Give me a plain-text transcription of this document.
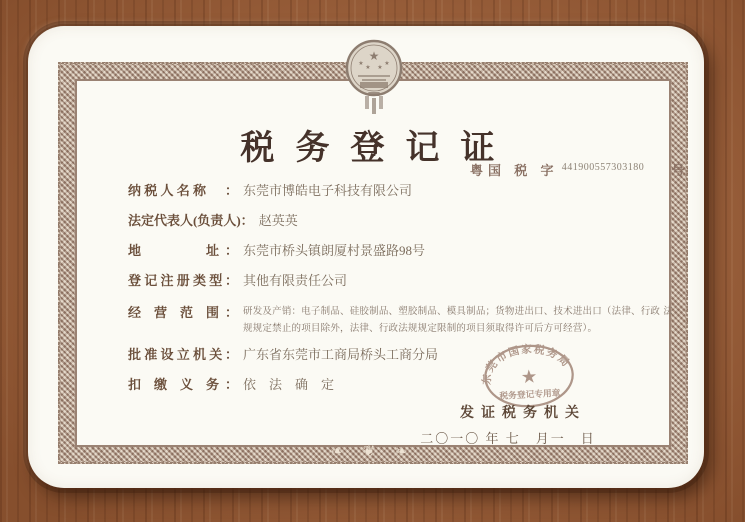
❧ ❦ ❧
★
★
★ ★
★
税务登记证
粤国 税 字 $^{441900557303180}$ 号
纳 税 人 名 称	： 东莞市博皓电子科技有限公司
法定代表人(负责人) ： 赵英英
地　　　　　址 ： 东莞市桥头镇朗厦村景盛路98号
登 记 注 册 类 型 ： 其他有限责任公司
经　营　范　围 ： 研发及产销：电子制品、硅胶制品、塑胶制品、模具制品；货物进出口、技术进出口（法律、行政 法规规定禁止的项目除外，法律、行政法规规定限制的项目须取得许可后方可经营）。
批 准 设 立 机 关 ： 广东省东莞市工商局桥头工商分局
扣　缴　义　务 ： 依　法　确　定	东莞市国家税务局
★
税务登记专用章
发证税务机关
二〇一〇 年 七　月一　日
